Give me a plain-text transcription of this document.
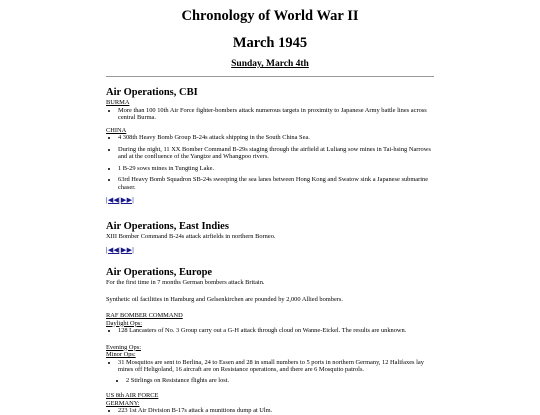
Chronology of World War II
March 1945
Sunday, March 4th
Air Operations, CBI
BURMA
• More than 100 10th Air Force fighter-bombers attack numerous targets in proximity to Japanese Army battle lines across central Burma.
CHINA
• 4 308th Heavy Bomb Group B-24s attack shipping in the South China Sea.
• During the night, 11 XX Bomber Command B-29s staging through the airfield at Luliang sow mines in Tai-hsing Narrows and at the confluence of the Yangtze and Whangpoo rivers.
• 1 B-29 sows mines in Tungting Lake.
• 63rd Heavy Bomb Squadron SB-24s sweeping the sea lanes between Hong Kong and Swatow sink a Japanese submarine chaser.
|◀◀|▶▶|
Air Operations, East Indies

XIII Bomber Command B-24s attack airfields in northern Borneo.

|◀◀|▶▶|
Air Operations, Europe

For the first time in 7 months German bombers attack Britain.

Synthetic oil facilities in Hamburg and Gelsenkirchen are pounded by 2,000 Allied bombers.

RAF BOMBER COMMAND
Daylight Ops:
• 128 Lancasters of No. 3 Group carry out a G-H attack through cloud on Wanne-Eickel. The results are unknown.
Evening Ops:
Minor Ops:
• 31 Mosquitos are sent to Berlina, 24 to Essen and 28 in small numbers to 5 ports in northern Germany, 12 Halifaxes lay mines off Heligoland, 16 aircraft are on Resistance operations, and there are 6 Mosquito patrols.
• 2 Stirlings on Resistance flights are lost.
US 8th AIR FORCE
GERMANY:
• 223 1st Air Division B-17s attack a munitions dump at Ulm.
